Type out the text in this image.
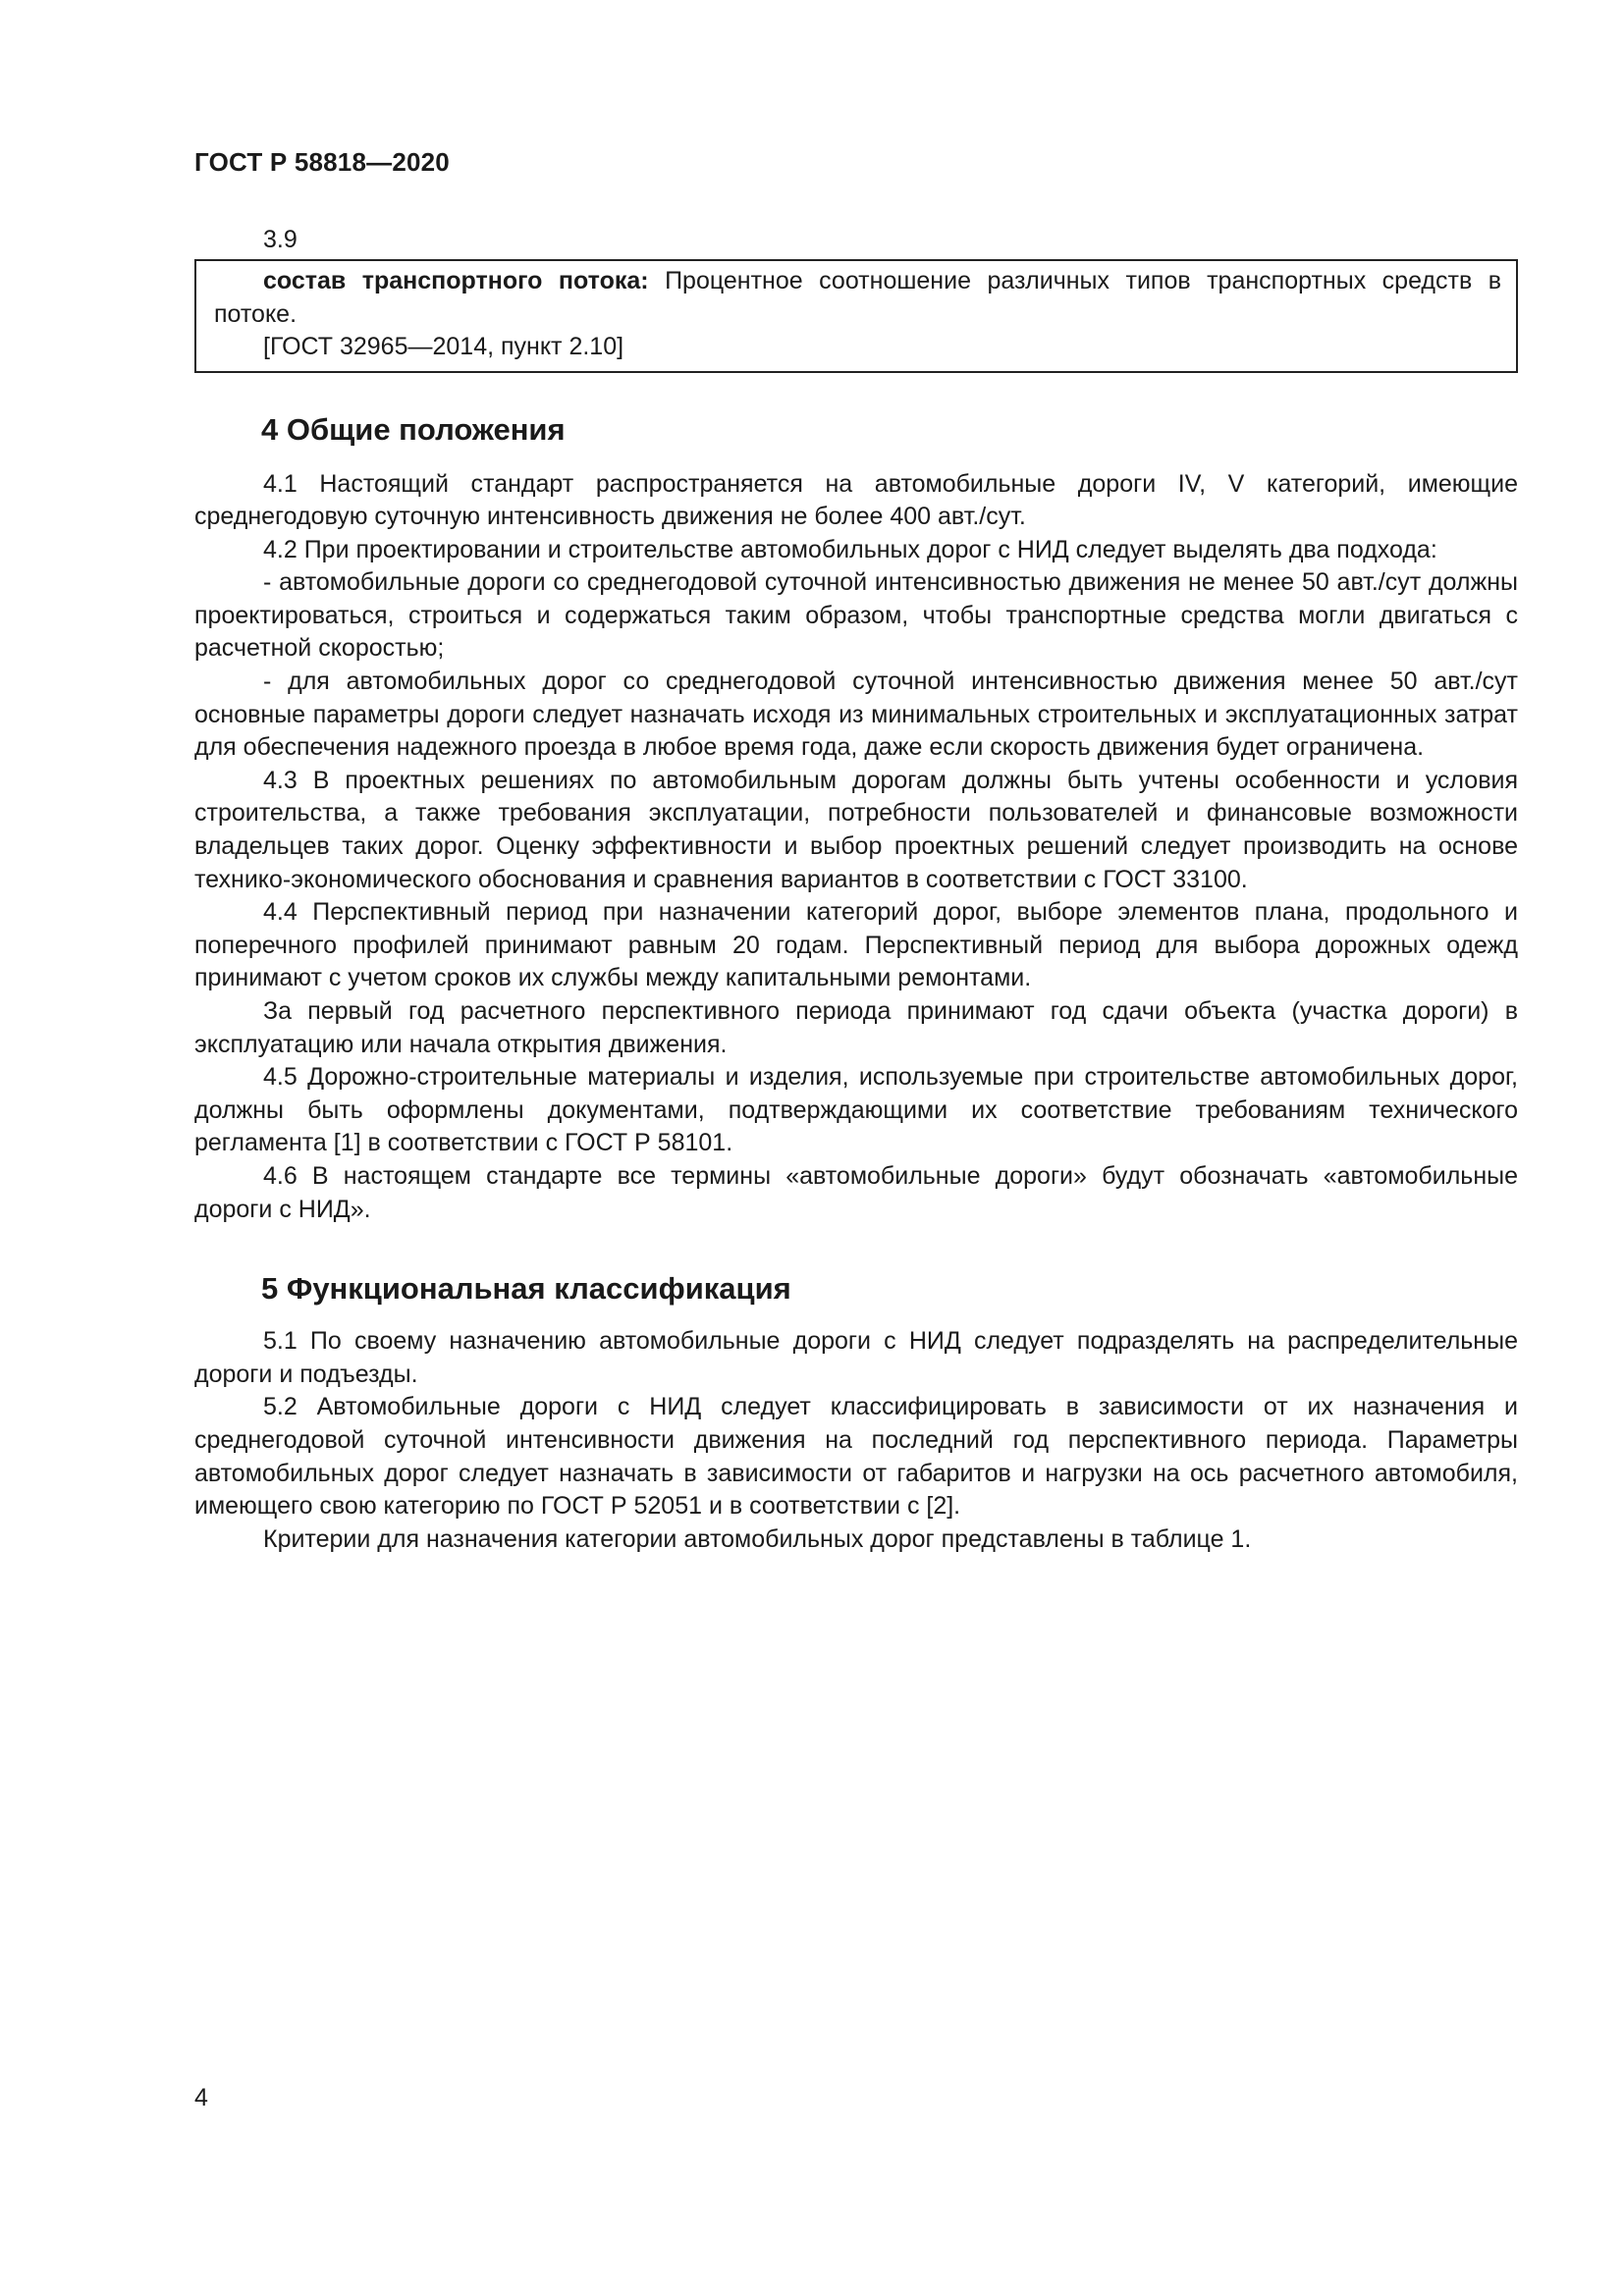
ГОСТ Р 58818—2020
3.9

состав транспортного потока: Процентное соотношение различных типов транспортных средств в потоке.

[ГОСТ 32965—2014, пункт 2.10]

4 Общие положения

4.1 Настоящий стандарт распространяется на автомобильные дороги IV, V категорий, имеющие среднегодовую суточную интенсивность движения не более 400 авт./сут.

4.2 При проектировании и строительстве автомобильных дорог с НИД следует выделять два подхода:

- автомобильные дороги со среднегодовой суточной интенсивностью движения не менее 50 авт./сут должны проектироваться, строиться и содержаться таким образом, чтобы транспортные средства могли двигаться с расчетной скоростью;

- для автомобильных дорог со среднегодовой суточной интенсивностью движения менее 50 авт./сут основные параметры дороги следует назначать исходя из минимальных строительных и эксплуатационных затрат для обеспечения надежного проезда в любое время года, даже если скорость движения будет ограничена.

4.3 В проектных решениях по автомобильным дорогам должны быть учтены особенности и условия строительства, а также требования эксплуатации, потребности пользователей и финансовые возможности владельцев таких дорог. Оценку эффективности и выбор проектных решений следует производить на основе технико-экономического обоснования и сравнения вариантов в соответствии с ГОСТ 33100.

4.4 Перспективный период при назначении категорий дорог, выборе элементов плана, продольного и поперечного профилей принимают равным 20 годам. Перспективный период для выбора дорожных одежд принимают с учетом сроков их службы между капитальными ремонтами.

За первый год расчетного перспективного периода принимают год сдачи объекта (участка дороги) в эксплуатацию или начала открытия движения.

4.5 Дорожно-строительные материалы и изделия, используемые при строительстве автомобильных дорог, должны быть оформлены документами, подтверждающими их соответствие требованиям технического регламента [1] в соответствии с ГОСТ Р 58101.

4.6 В настоящем стандарте все термины «автомобильные дороги» будут обозначать «автомобильные дороги с НИД».

5 Функциональная классификация

5.1 По своему назначению автомобильные дороги с НИД следует подразделять на распределительные дороги и подъезды.

5.2 Автомобильные дороги с НИД следует классифицировать в зависимости от их назначения и среднегодовой суточной интенсивности движения на последний год перспективного периода. Параметры автомобильных дорог следует назначать в зависимости от габаритов и нагрузки на ось расчетного автомобиля, имеющего свою категорию по ГОСТ Р 52051 и в соответствии с [2].

Критерии для назначения категории автомобильных дорог представлены в таблице 1.

4
